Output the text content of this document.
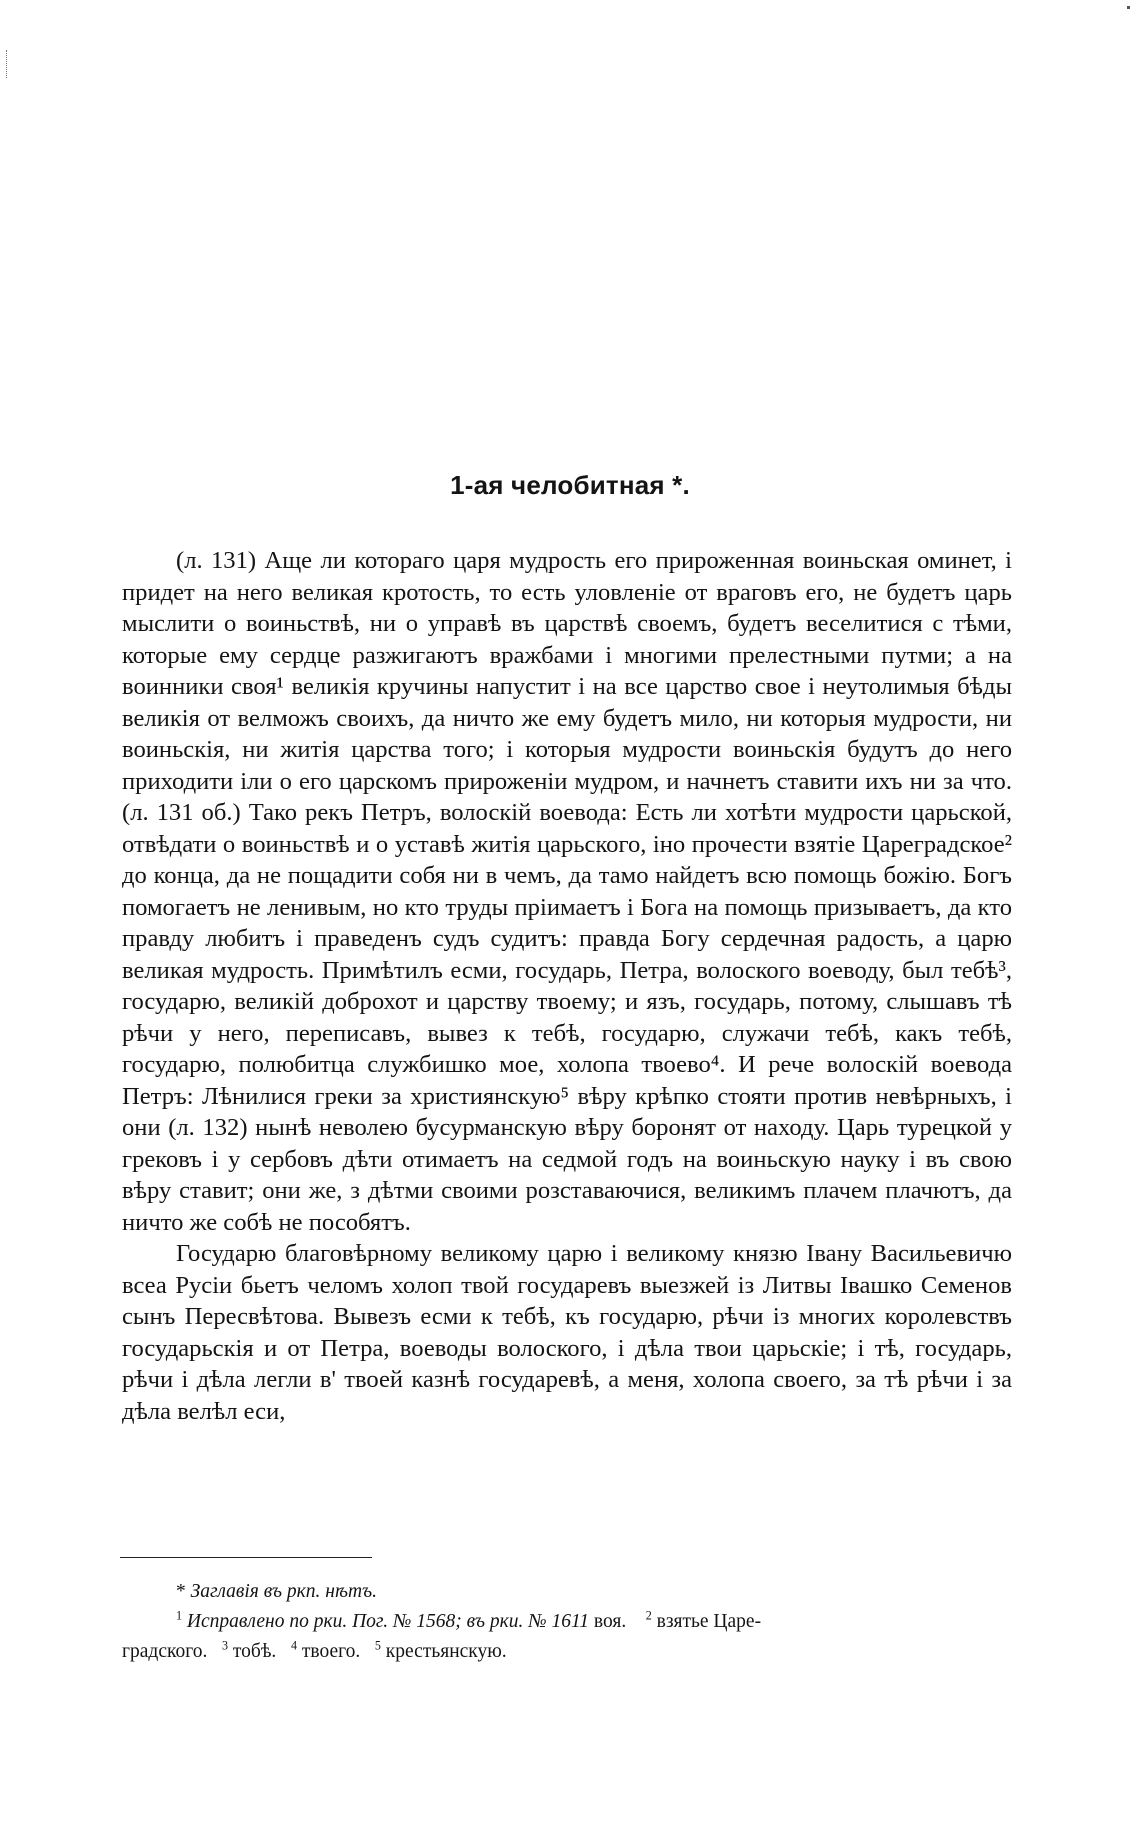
1-ая челобитная *.

(л. 131) Аще ли котораго царя мудрость его прироженная воиньская оминет, і придет на него великая кротость, то есть уловленіе от враговъ его, не будетъ царь мыслити о воиньствѣ, ни о управѣ въ царствѣ своемъ, будетъ веселитися с тѣми, которые ему сердце разжигаютъ вражбами і многими прелестными путми; а на воинники своя¹ великія кручины напустит і на все царство свое і неутолимыя бѣды великія от велможъ своихъ, да ничто же ему будетъ мило, ни которыя мудрости, ни воиньскія, ни житія царства того; і которыя мудрости воиньскія будутъ до него приходити іли о его царскомъ прироженіи мудром, и начнетъ ставити ихъ ни за что. (л. 131 об.) Тако рекъ Петръ, волоскій воевода: Есть ли хотѣти мудрости царьской, отвѣдати о воиньствѣ и о уставѣ житія царьского, іно прочести взятіе Цареградское² до конца, да не пощадити собя ни в чемъ, да тамо найдетъ всю помощь божію. Богъ помогаетъ не ленивым, но кто труды пріимаетъ і Бога на помощь призываетъ, да кто правду любитъ і праведенъ судъ судитъ: правда Богу сердечная радость, а царю великая мудрость. Примѣтилъ есми, государь, Петра, волоского воеводу, был тебѣ³, государю, великій доброхот и царству твоему; и язъ, государь, потому, слышавъ тѣ рѣчи у него, переписавъ, вывез к тебѣ, государю, служачи тебѣ, какъ тебѣ, государю, полюбитца службишко мое, холопа твоево⁴. И рече волоскій воевода Петръ: Лѣнилися греки за християнскую⁵ вѣру крѣпко стояти против невѣрныхъ, і они (л. 132) нынѣ неволею бусурманскую вѣру боронят от находу. Царь турецкой у грековъ і у сербовъ дѣти отимаетъ на седмой годъ на воиньскую науку і въ свою вѣру ставит; они же, з дѣтми своими розставаючися, великимъ плачем плачютъ, да ничто же собѣ не пособятъ.

Государю благовѣрному великому царю і великому князю Івану Васильевичю всеа Русіи бьетъ челомъ холоп твой государевъ выезжей із Литвы Івашко Семенов сынъ Пересвѣтова. Вывезъ есми к тебѣ, къ государю, рѣчи із многих королевствъ государьскія и от Петра, воеводы волоского, і дѣла твои царьскіе; і тѣ, государь, рѣчи і дѣла легли в' твоей казнѣ государевѣ, а меня, холопа своего, за тѣ рѣчи і за дѣла велѣл еси,

* Заглавія въ ркп. нѣтъ.
$^1$ Исправлено по рки. Пог. № 1568; въ рки. № 1611 воя. $^2$ взятье Царе-
градского. $^3$ тобѣ. $^4$ твоего. $^5$ крестьянскую.
